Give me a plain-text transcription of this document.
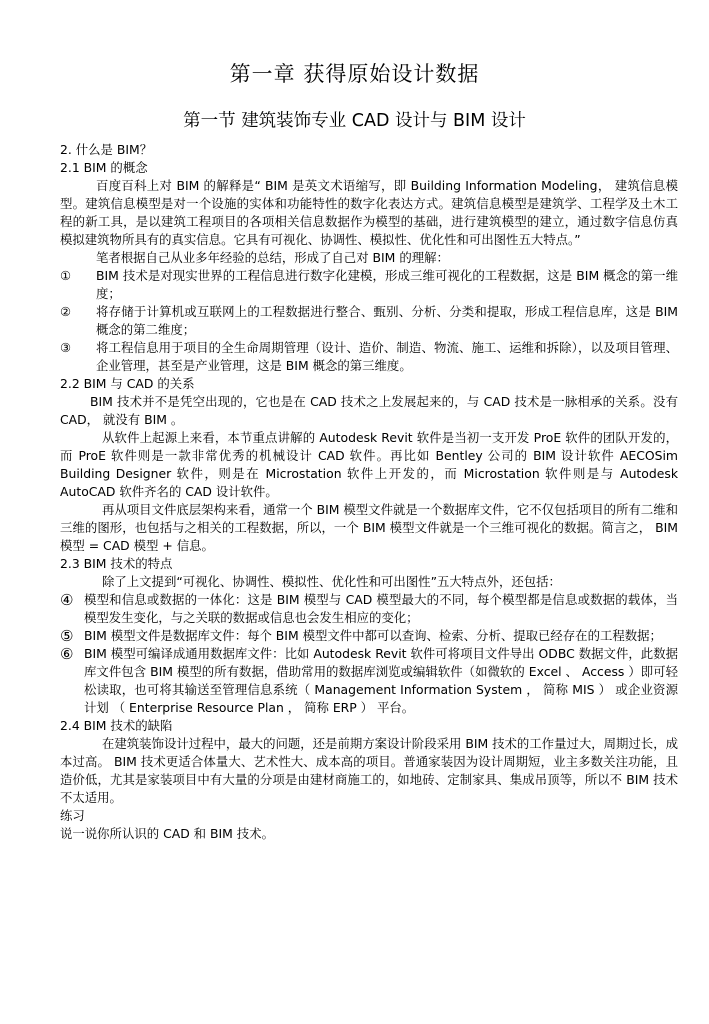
第一章 获得原始设计数据
第一节 建筑装饰专业 CAD 设计与 BIM 设计

2. 什么是 BIM？

2.1 BIM 的概念

百度百科上对 BIM 的解释是“ BIM 是英文术语缩写，即 Building Information Modeling， 建筑信息模型。建筑信息模型是对一个设施的实体和功能特性的数字化表达方式。建筑信息模型是建筑学、工程学及土木工程的新工具，是以建筑工程项目的各项相关信息数据作为模型的基础，进行建筑模型的建立，通过数字信息仿真模拟建筑物所具有的真实信息。它具有可视化、协调性、模拟性、优化性和可出图性五大特点。”

笔者根据自己从业多年经验的总结，形成了自己对 BIM 的理解：

①	BIM 技术是对现实世界的工程信息进行数字化建模，形成三维可视化的工程数据，这是 BIM 概念的第一维度；
②	将存储于计算机或互联网上的工程数据进行整合、甄别、分析、分类和提取，形成工程信息库，这是 BIM 概念的第二维度；
③	将工程信息用于项目的全生命周期管理（设计、造价、制造、物流、施工、运维和拆除），以及项目管理、企业管理，甚至是产业管理，这是 BIM 概念的第三维度。

2.2 BIM 与 CAD 的关系

BIM 技术并不是凭空出现的，它也是在 CAD 技术之上发展起来的，与 CAD 技术是一脉相承的关系。没有 CAD， 就没有 BIM 。

从软件上起源上来看，本节重点讲解的 Autodesk Revit 软件是当初一支开发 ProE 软件的团队开发的， 而 ProE 软件则是一款非常优秀的机械设计 CAD 软件。再比如 Bentley 公司的 BIM 设计软件 AECOSim Building Designer 软件，则是在 Microstation 软件上开发的，而 Microstation 软件则是与 Autodesk AutoCAD 软件齐名的 CAD 设计软件。

再从项目文件底层架构来看，通常一个 BIM 模型文件就是一个数据库文件，它不仅包括项目的所有二维和三维的图形，也包括与之相关的工程数据，所以，一个 BIM 模型文件就是一个三维可视化的数据。简言之， BIM 模型 = CAD 模型 + 信息。

2.3 BIM 技术的特点

除了上文提到“可视化、协调性、模拟性、优化性和可出图性”五大特点外，还包括：

④ 模型和信息或数据的一体化：这是 BIM 模型与 CAD 模型最大的不同，每个模型都是信息或数据的载体，当模型发生变化，与之关联的数据或信息也会发生相应的变化；
⑤ BIM 模型文件是数据库文件：每个 BIM 模型文件中都可以查询、检索、分析、提取已经存在的工程数据；
⑥ BIM 模型可编译成通用数据库文件：比如 Autodesk Revit 软件可将项目文件导出 ODBC 数据文件，此数据库文件包含 BIM 模型的所有数据，借助常用的数据库浏览或编辑软件（如微软的 Excel 、 Access ）即可轻松读取，也可将其输送至管理信息系统（ Management Information System ， 简称 MIS ） 或企业资源计划 （ Enterprise Resource Plan ， 简称 ERP ） 平台。

2.4 BIM 技术的缺陷

在建筑装饰设计过程中，最大的问题，还是前期方案设计阶段采用 BIM 技术的工作量过大，周期过长，成本过高。 BIM 技术更适合体量大、艺术性大、成本高的项目。普通家装因为设计周期短，业主多数关注功能，且造价低，尤其是家装项目中有大量的分项是由建材商施工的，如地砖、定制家具、集成吊顶等，所以不 BIM 技术不太适用。

练习

说一说你所认识的 CAD 和 BIM 技术。
